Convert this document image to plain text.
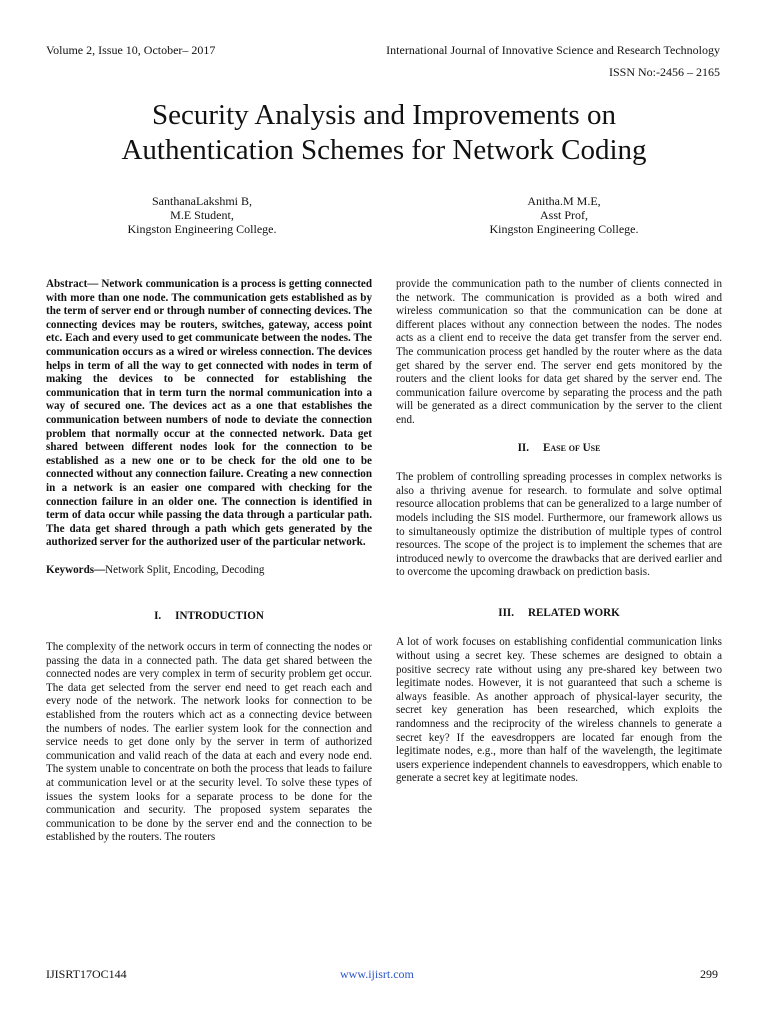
Volume 2, Issue 10, October– 2017	International Journal of Innovative Science and Research Technology
ISSN No:-2456 – 2165
Security Analysis and Improvements on
Authentication Schemes for Network Coding
SanthanaLakshmi B,
M.E Student,
Kingston Engineering College.
Anitha.M M.E,
Asst Prof,
Kingston Engineering College.

Abstract— Network communication is a process is getting connected with more than one node. The communication gets established as by the term of server end or through number of connecting devices. The connecting devices may be routers, switches, gateway, access point etc. Each and every used to get communicate between the nodes. The communication occurs as a wired or wireless connection. The devices helps in term of all the way to get connected with nodes in term of making the devices to be connected for establishing the communication that in term turn the normal communication into a way of secured one. The devices act as a one that establishes the communication between numbers of node to deviate the connection problem that normally occur at the connected network. Data get shared between different nodes look for the connection to be established as a new one or to be check for the old one to be connected without any connection failure. Creating a new connection in a network is an easier one compared with checking for the connection failure in an older one. The connection is identified in term of data occur while passing the data through a particular path. The data get shared through a path which gets generated by the authorized server for the authorized user of the particular network.

Keywords—Network Split, Encoding, Decoding

I. INTRODUCTION

The complexity of the network occurs in term of connecting the nodes or passing the data in a connected path. The data get shared between the connected nodes are very complex in term of security problem get occur. The data get selected from the server end need to get reach each and every node of the network. The network looks for connection to be established from the routers which act as a connecting device between the numbers of nodes. The earlier system look for the connection and service needs to get done only by the server in term of authorized communication and valid reach of the data at each and every node end. The system unable to concentrate on both the process that leads to failure at communication level or at the security level. To solve these types of issues the system looks for a separate process to be done for the communication and security. The proposed system separates the communication to be done by the server end and the connection to be established by the routers. The routers

provide the communication path to the number of clients connected in the network. The communication is provided as a both wired and wireless communication so that the communication can be done at different places without any connection between the nodes. The nodes acts as a client end to receive the data get transfer from the server end. The communication process get handled by the router where as the data get shared by the server end. The server end gets monitored by the routers and the client looks for data get shared by the server end. The communication failure overcome by separating the process and the path will be generated as a direct communication by the server to the client end.

II. Ease of Use

The problem of controlling spreading processes in complex networks is also a thriving avenue for research. to formulate and solve optimal resource allocation problems that can be generalized to a large number of models including the SIS model. Furthermore, our framework allows us to simultaneously optimize the distribution of multiple types of control resources. The scope of the project is to implement the schemes that are introduced newly to overcome the drawbacks that are derived earlier and to overcome the upcoming drawback on prediction basis.

III. RELATED WORK

A lot of work focuses on establishing confidential communication links without using a secret key. These schemes are designed to obtain a positive secrecy rate without using any pre-shared key between two legitimate nodes. However, it is not guaranteed that such a scheme is always feasible. As another approach of physical-layer security, the secret key generation has been researched, which exploits the randomness and the reciprocity of the wireless channels to generate a secret key? If the eavesdroppers are located far enough from the legitimate nodes, e.g., more than half of the wavelength, the legitimate users experience independent channels to eavesdroppers, which enable to generate a secret key at legitimate nodes.

IJISRT17OC144	www.ijisrt.com	299
